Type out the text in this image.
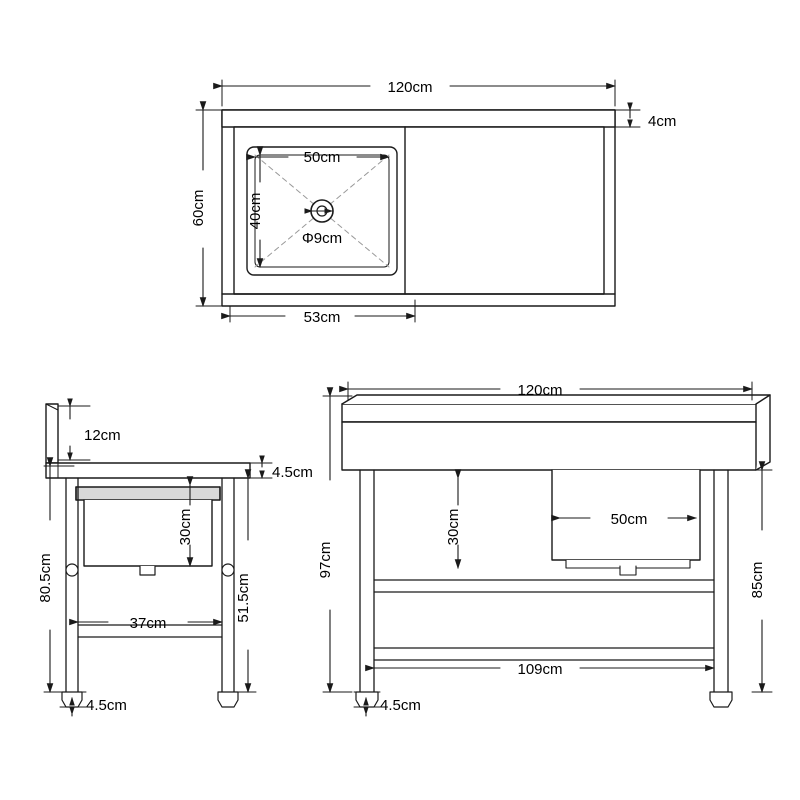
120cm
4cm
60cm
50cm
40cm
Φ9cm
53cm
12cm
4.5cm
30cm
80.5cm	51.5cm
37cm
4.5cm
120cm
97cm
85cm
30cm	50cm
109cm
4.5cm
